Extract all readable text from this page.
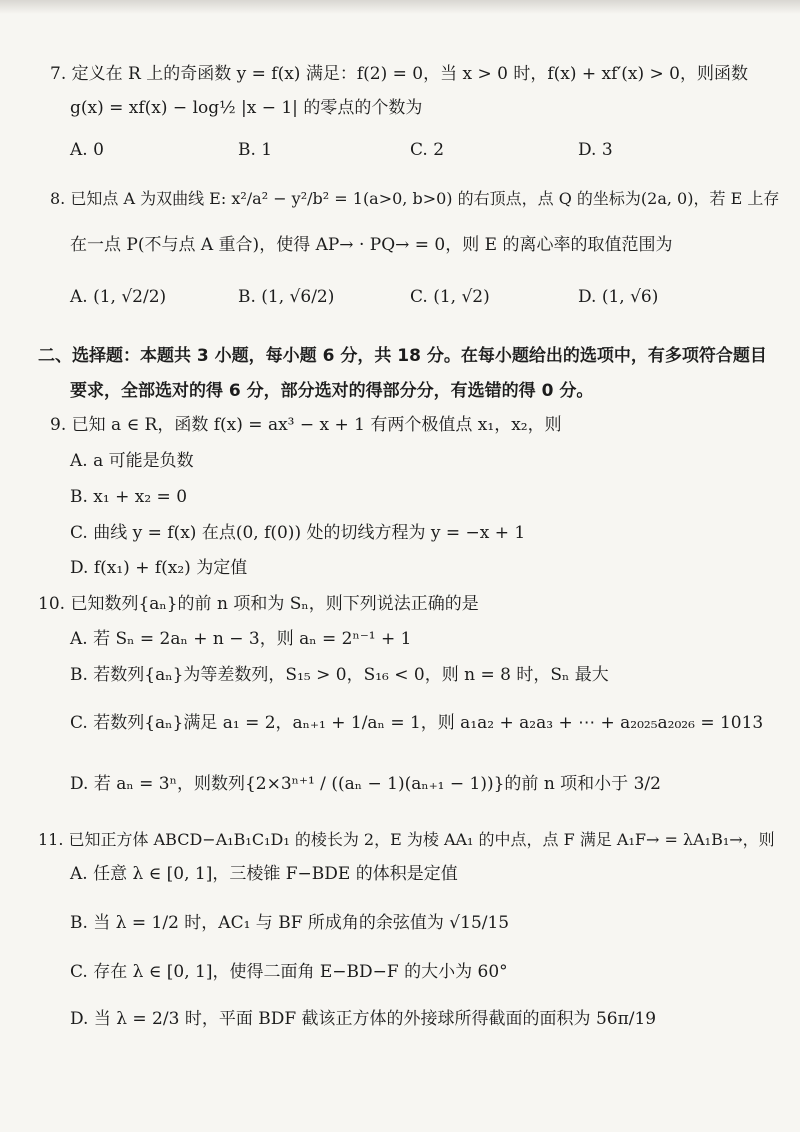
7. 定义在 R 上的奇函数 y = f(x) 满足：f(2) = 0，当 x > 0 时，f(x) + xf′(x) > 0，则函数
g(x) = xf(x) − log½ |x − 1| 的零点的个数为
A. 0	B. 1	C. 2	D. 3
8. 已知点 A 为双曲线 E: x²/a² − y²/b² = 1(a>0, b>0) 的右顶点，点 Q 的坐标为(2a, 0)，若 E 上存
在一点 P(不与点 A 重合)，使得 AP→ · PQ→ = 0，则 E 的离心率的取值范围为
A. (1, √2/2)	B. (1, √6/2)	C. (1, √2)	D. (1, √6)
二、选择题：本题共 3 小题，每小题 6 分，共 18 分。在每小题给出的选项中，有多项符合题目
要求，全部选对的得 6 分，部分选对的得部分分，有选错的得 0 分。
9. 已知 a ∈ R，函数 f(x) = ax³ − x + 1 有两个极值点 x₁，x₂，则
A. a 可能是负数
B. x₁ + x₂ = 0
C. 曲线 y = f(x) 在点(0, f(0)) 处的切线方程为 y = −x + 1
D. f(x₁) + f(x₂) 为定值
10. 已知数列{aₙ}的前 n 项和为 Sₙ，则下列说法正确的是
A. 若 Sₙ = 2aₙ + n − 3，则 aₙ = 2ⁿ⁻¹ + 1
B. 若数列{aₙ}为等差数列，S₁₅ > 0，S₁₆ < 0，则 n = 8 时，Sₙ 最大
C. 若数列{aₙ}满足 a₁ = 2，aₙ₊₁ + 1/aₙ = 1，则 a₁a₂ + a₂a₃ + ⋯ + a₂₀₂₅a₂₀₂₆ = 1013
D. 若 aₙ = 3ⁿ，则数列{2×3ⁿ⁺¹ / ((aₙ − 1)(aₙ₊₁ − 1))}的前 n 项和小于 3/2
11. 已知正方体 ABCD−A₁B₁C₁D₁ 的棱长为 2，E 为棱 AA₁ 的中点，点 F 满足 A₁F→ = λA₁B₁→，则
A. 任意 λ ∈ [0, 1]，三棱锥 F−BDE 的体积是定值
B. 当 λ = 1/2 时，AC₁ 与 BF 所成角的余弦值为 √15/15
C. 存在 λ ∈ [0, 1]，使得二面角 E−BD−F 的大小为 60°
D. 当 λ = 2/3 时，平面 BDF 截该正方体的外接球所得截面的面积为 56π/19
